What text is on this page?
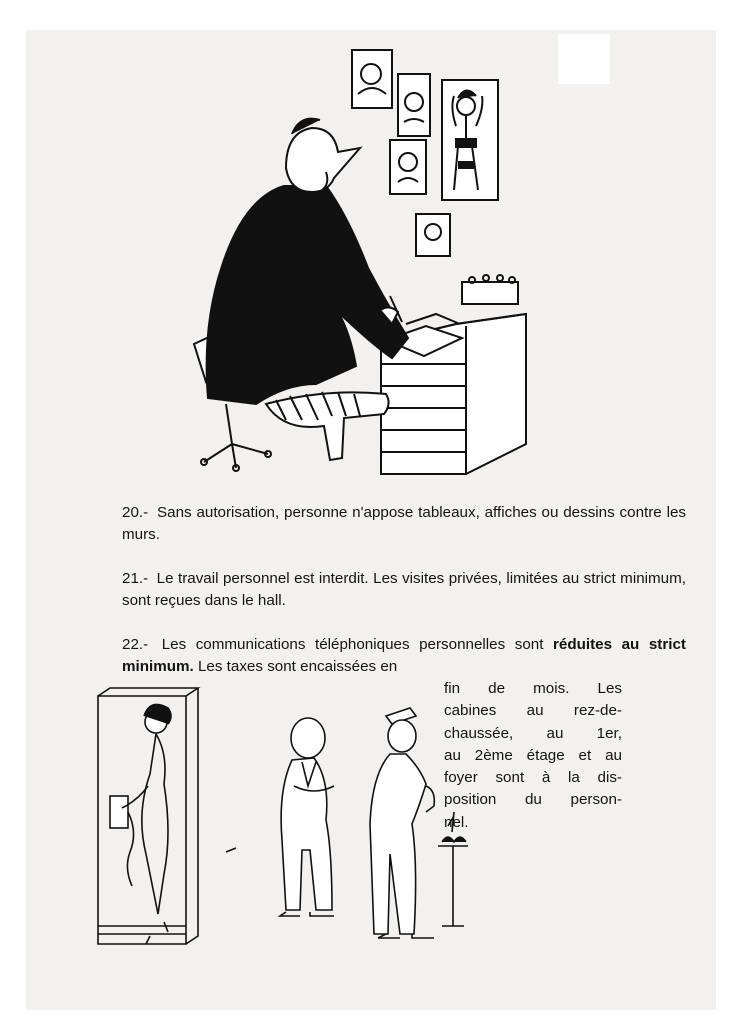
20.- Sans autorisation, personne n'appose tableaux, affiches ou dessins contre les murs.

21.- Le travail personnel est interdit. Les visites privées, limitées au strict minimum, sont reçues dans le hall.

22.- Les communications téléphoniques personnelles sont réduites au strict minimum. Les taxes sont encaissées en

fin de mois. Les
cabines au rez-de-
chaussée, au 1er,
au 2ème étage et au
foyer sont à la dis-
position du person-
nel.
